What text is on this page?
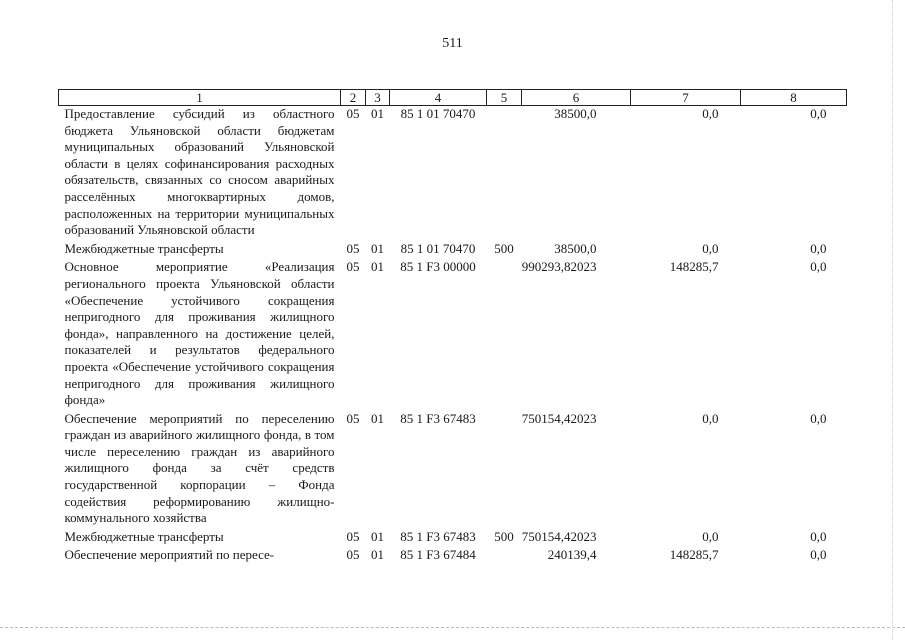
511
1	2	3	4	5	6	7	8
Предоставление субсидий из областного бюджета Ульяновской области бюджетам муниципальных образований Ульяновской области в целях софинансирования расходных обязательств, связанных со сносом аварийных расселённых многоквартирных домов, расположенных на территории муниципальных образований Ульяновской области	05	01	85 1 01 70470		38500,0	0,0	0,0
Межбюджетные трансферты	05	01	85 1 01 70470	500	38500,0	0,0	0,0
Основное мероприятие «Реализация регионального проекта Ульяновской области «Обеспечение устойчивого сокращения непригодного для проживания жилищного фонда», направленного на достижение целей, показателей и результатов федерального проекта «Обеспечение устойчивого сокращения непригодного для проживания жилищного фонда»	05	01	85 1 F3 00000		990293,82023	148285,7	0,0
Обеспечение мероприятий по переселению граждан из аварийного жилищного фонда, в том числе переселению граждан из аварийного жилищного фонда за счёт средств государственной корпорации – Фонда содействия реформированию жилищно-коммунального хозяйства	05	01	85 1 F3 67483		750154,42023	0,0	0,0
Межбюджетные трансферты	05	01	85 1 F3 67483	500	750154,42023	0,0	0,0
Обеспечение мероприятий по пересе-	05	01	85 1 F3 67484		240139,4	148285,7	0,0
